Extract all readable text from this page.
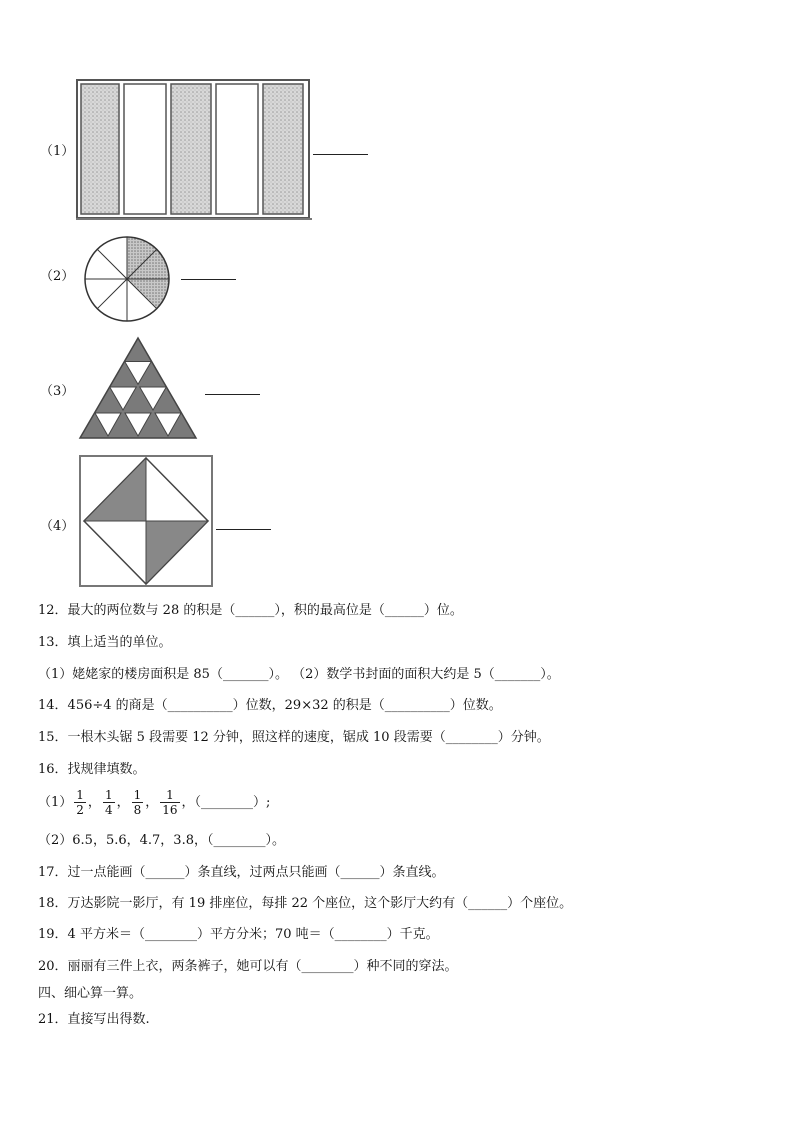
（1）
（2）
（3）
（4）
12．最大的两位数与 28 的积是（______），积的最高位是（______）位。
13．填上适当的单位。
（1）姥姥家的楼房面积是 85（_______）。 （2）数学书封面的面积大约是 5（_______）。
14．456÷4 的商是（__________）位数，29×32 的积是（__________）位数。
15．一根木头锯 5 段需要 12 分钟，照这样的速度，锯成 10 段需要（________）分钟。
16．找规律填数。
$(1) \frac{1}{2}$ ， $\frac{1}{4}$ ， $\frac{1}{8}$ ， $\frac{1}{16}$ ，（________）;
（2）6.5，5.6，4.7，3.8，（________）。
17．过一点能画（______）条直线，过两点只能画（______）条直线。
18．万达影院一影厅，有 19 排座位，每排 22 个座位，这个影厅大约有（______）个座位。
19．4 平方米＝（________）平方分米；70 吨＝（________）千克。
20．丽丽有三件上衣，两条裤子，她可以有（________）种不同的穿法。
四、细心算一算。
21．直接写出得数.
